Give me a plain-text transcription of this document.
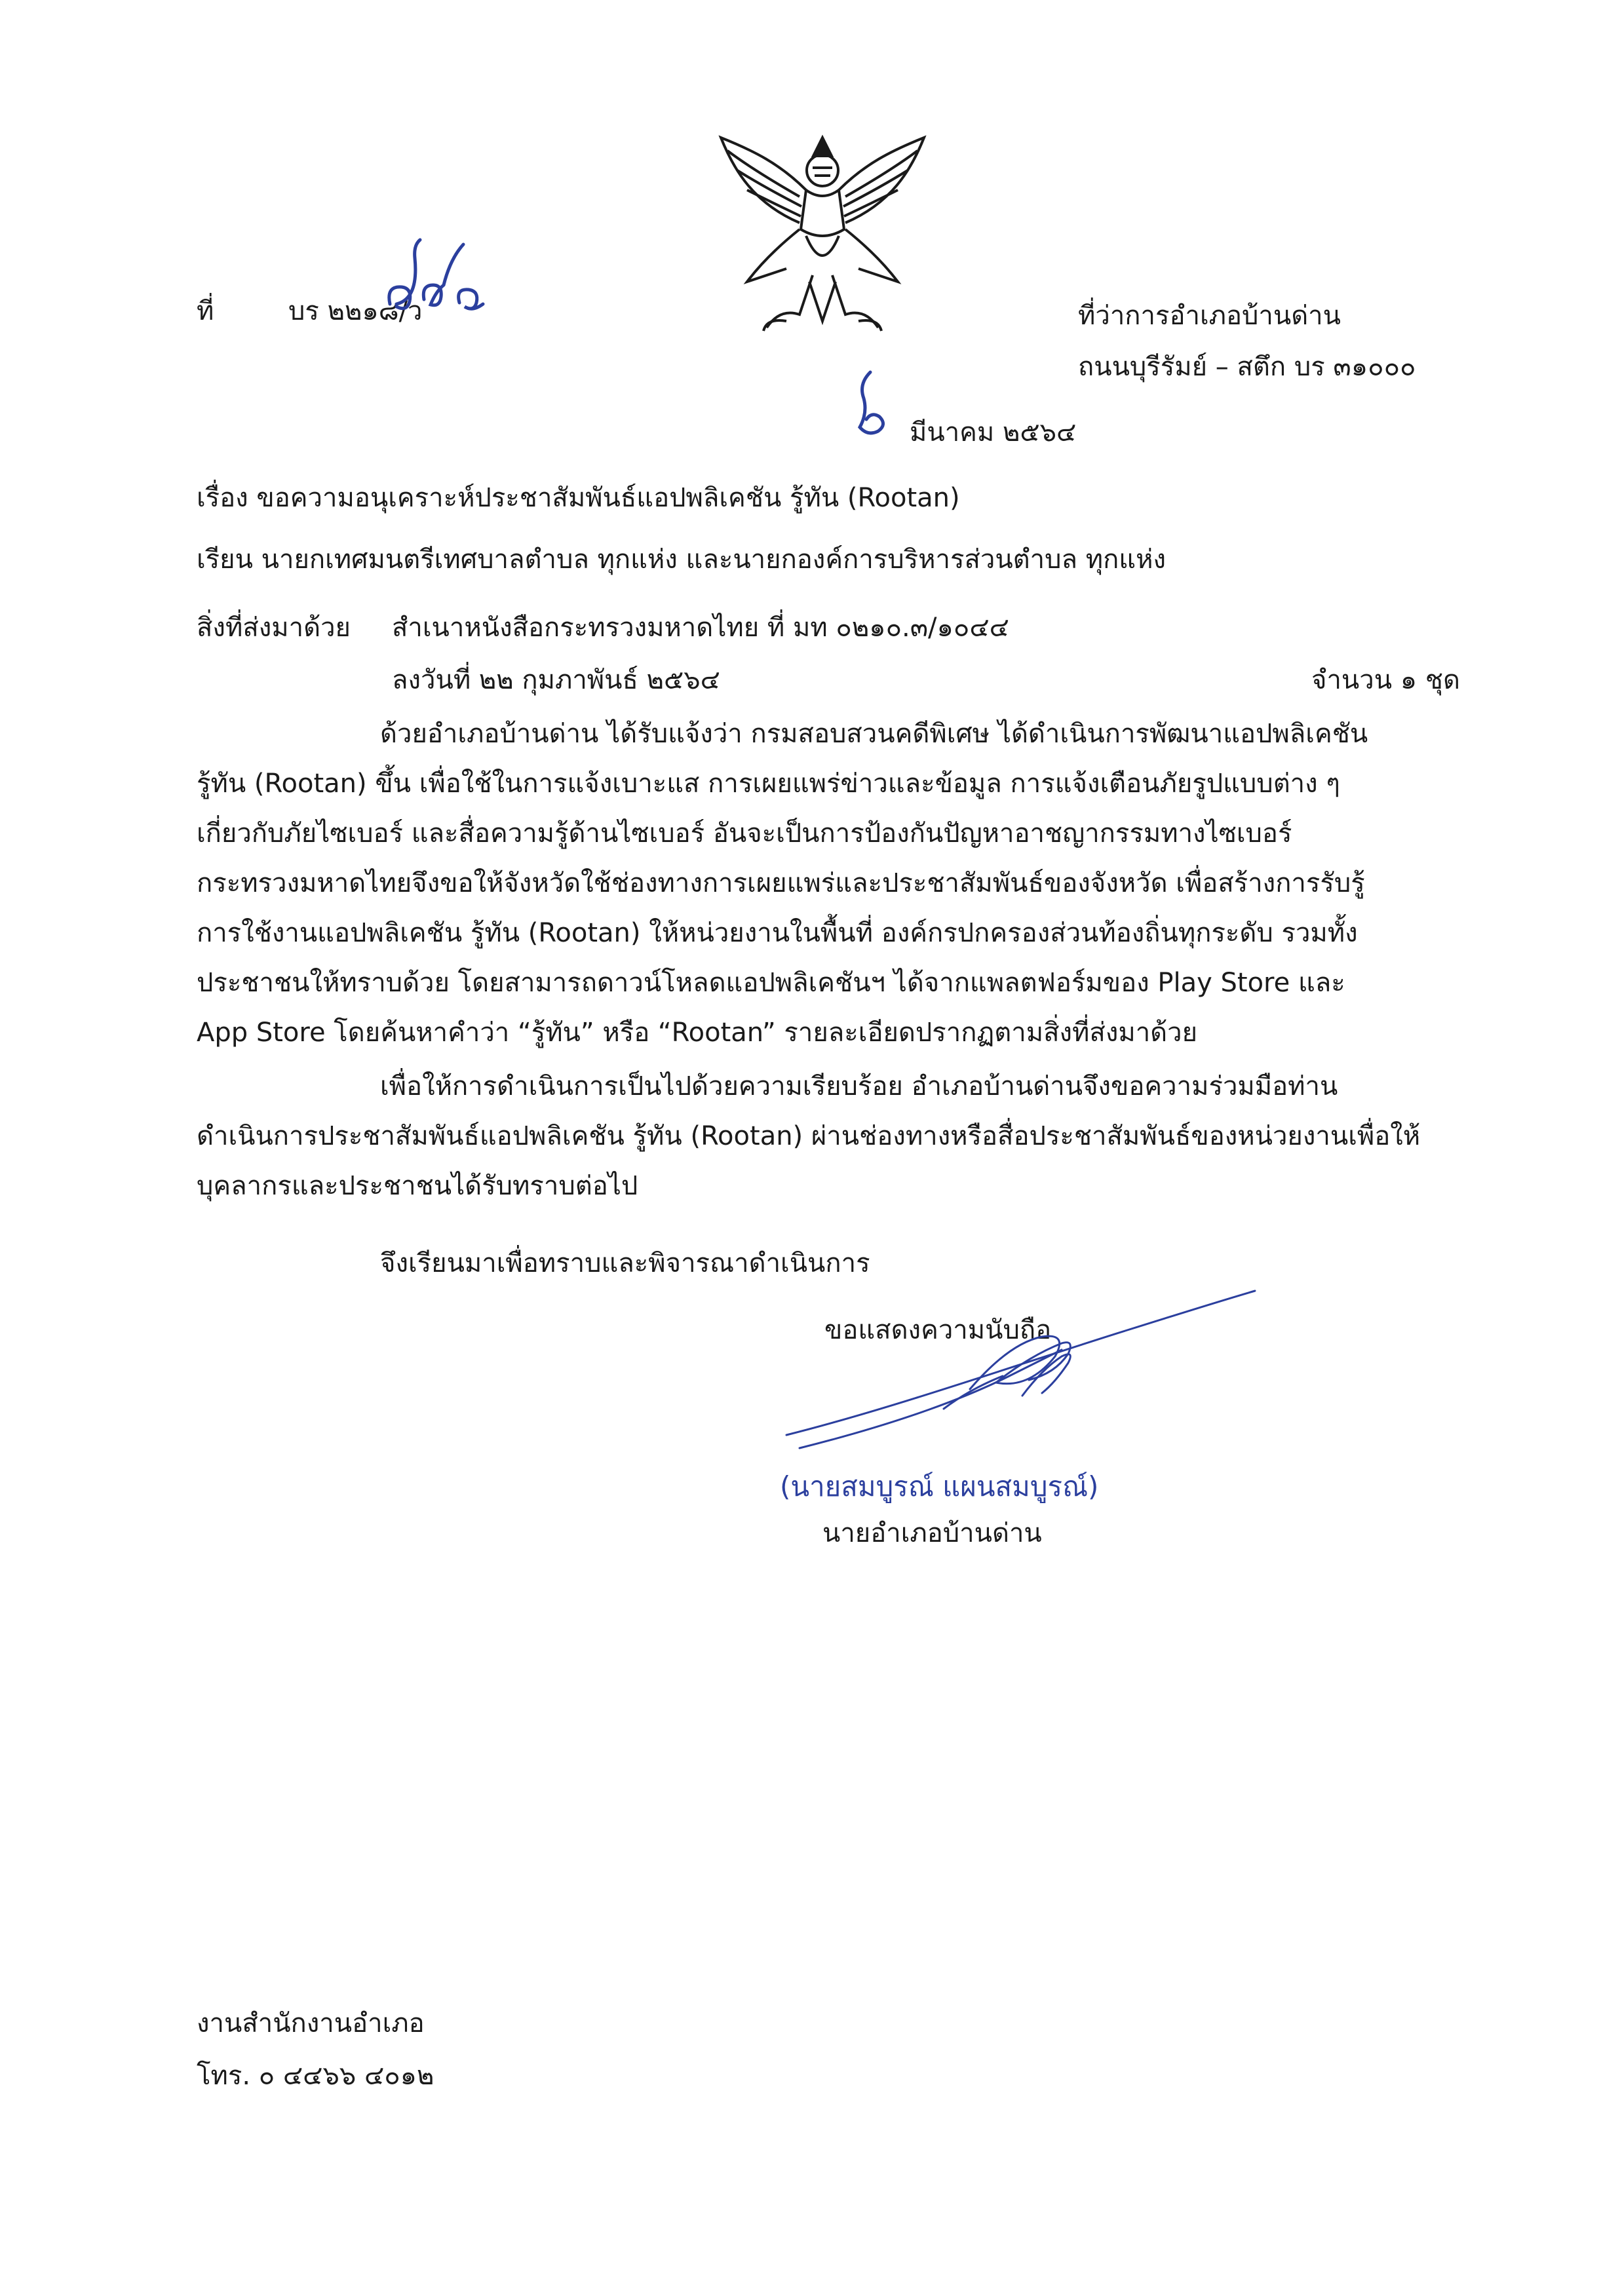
ที่	บร ๒๒๑๘/ว	ที่ว่าการอำเภอบ้านด่าน
ถนนบุรีรัมย์ – สตึก บร ๓๑๐๐๐
มีนาคม ๒๕๖๔
เรื่อง ขอความอนุเคราะห์ประชาสัมพันธ์แอปพลิเคชัน รู้ทัน (Rootan)
เรียน นายกเทศมนตรีเทศบาลตำบล ทุกแห่ง และนายกองค์การบริหารส่วนตำบล ทุกแห่ง
สิ่งที่ส่งมาด้วย สำเนาหนังสือกระทรวงมหาดไทย ที่ มท ๐๒๑๐.๓/๑๐๔๔
ลงวันที่ ๒๒ กุมภาพันธ์ ๒๕๖๔	จำนวน ๑ ชุด
ด้วยอำเภอบ้านด่าน ได้รับแจ้งว่า กรมสอบสวนคดีพิเศษ ได้ดำเนินการพัฒนาแอปพลิเคชัน
รู้ทัน (Rootan) ขึ้น เพื่อใช้ในการแจ้งเบาะแส การเผยแพร่ข่าวและข้อมูล การแจ้งเตือนภัยรูปแบบต่าง ๆ
เกี่ยวกับภัยไซเบอร์ และสื่อความรู้ด้านไซเบอร์ อันจะเป็นการป้องกันปัญหาอาชญากรรมทางไซเบอร์
กระทรวงมหาดไทยจึงขอให้จังหวัดใช้ช่องทางการเผยแพร่และประชาสัมพันธ์ของจังหวัด เพื่อสร้างการรับรู้
การใช้งานแอปพลิเคชัน รู้ทัน (Rootan) ให้หน่วยงานในพื้นที่ องค์กรปกครองส่วนท้องถิ่นทุกระดับ รวมทั้ง
ประชาชนให้ทราบด้วย โดยสามารถดาวน์โหลดแอปพลิเคชันฯ ได้จากแพลตฟอร์มของ Play Store และ
App Store โดยค้นหาคำว่า “รู้ทัน” หรือ “Rootan” รายละเอียดปรากฏตามสิ่งที่ส่งมาด้วย
เพื่อให้การดำเนินการเป็นไปด้วยความเรียบร้อย อำเภอบ้านด่านจึงขอความร่วมมือท่าน
ดำเนินการประชาสัมพันธ์แอปพลิเคชัน รู้ทัน (Rootan) ผ่านช่องทางหรือสื่อประชาสัมพันธ์ของหน่วยงานเพื่อให้
บุคลากรและประชาชนได้รับทราบต่อไป
จึงเรียนมาเพื่อทราบและพิจารณาดำเนินการ
ขอแสดงความนับถือ
(นายสมบูรณ์ แผนสมบูรณ์)
นายอำเภอบ้านด่าน
งานสำนักงานอำเภอ
โทร. ๐ ๔๔๖๖ ๔๐๑๒
